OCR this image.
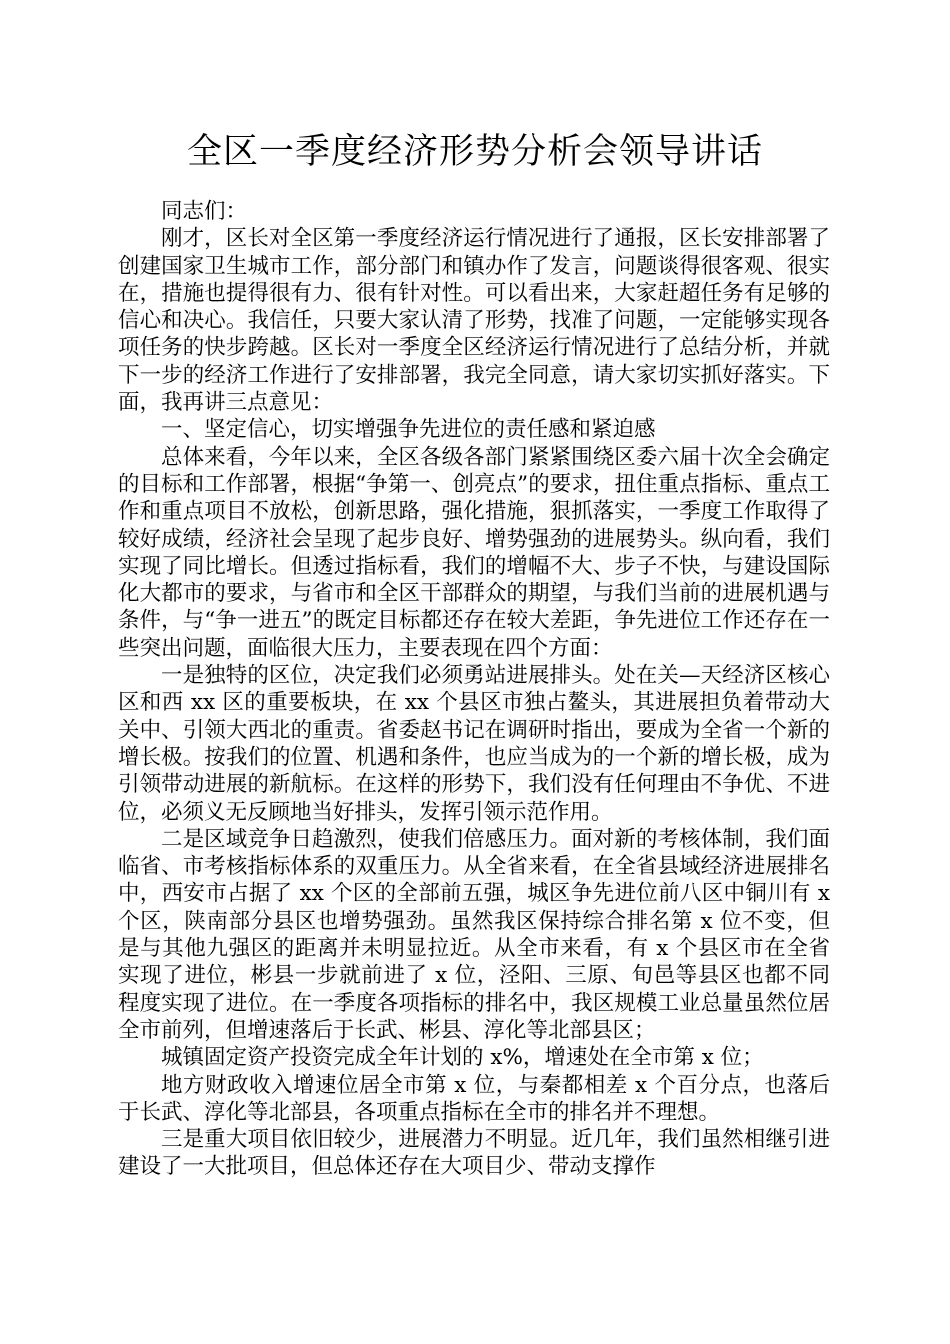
全区一季度经济形势分析会领导讲话

同志们：

刚才，区长对全区第一季度经济运行情况进行了通报，区长安排部署了创建国家卫生城市工作，部分部门和镇办作了发言，问题谈得很客观、很实在，措施也提得很有力、很有针对性。可以看出来，大家赶超任务有足够的信心和决心。我信任，只要大家认清了形势，找准了问题，一定能够实现各项任务的快步跨越。区长对一季度全区经济运行情况进行了总结分析，并就下一步的经济工作进行了安排部署，我完全同意，请大家切实抓好落实。下面，我再讲三点意见：

一、坚定信心，切实增强争先进位的责任感和紧迫感

总体来看，今年以来，全区各级各部门紧紧围绕区委六届十次全会确定的目标和工作部署，根据“争第一、创亮点”的要求，扭住重点指标、重点工作和重点项目不放松，创新思路，强化措施，狠抓落实，一季度工作取得了较好成绩，经济社会呈现了起步良好、增势强劲的进展势头。纵向看，我们实现了同比增长。但透过指标看，我们的增幅不大、步子不快，与建设国际化大都市的要求，与省市和全区干部群众的期望，与我们当前的进展机遇与条件，与“争一进五”的既定目标都还存在较大差距，争先进位工作还存在一些突出问题，面临很大压力，主要表现在四个方面：

一是独特的区位，决定我们必须勇站进展排头。处在关—天经济区核心区和西 xx 区的重要板块，在 xx 个县区市独占鳌头，其进展担负着带动大关中、引领大西北的重责。省委赵书记在调研时指出，要成为全省一个新的增长极。按我们的位置、机遇和条件，也应当成为的一个新的增长极，成为引领带动进展的新航标。在这样的形势下，我们没有任何理由不争优、不进位，必须义无反顾地当好排头，发挥引领示范作用。

二是区域竞争日趋激烈，使我们倍感压力。面对新的考核体制，我们面临省、市考核指标体系的双重压力。从全省来看，在全省县域经济进展排名中，西安市占据了 xx 个区的全部前五强，城区争先进位前八区中铜川有 x 个区，陕南部分县区也增势强劲。虽然我区保持综合排名第 x 位不变，但是与其他九强区的距离并未明显拉近。从全市来看，有 x 个县区市在全省实现了进位，彬县一步就前进了 x 位，泾阳、三原、旬邑等县区也都不同程度实现了进位。在一季度各项指标的排名中，我区规模工业总量虽然位居全市前列，但增速落后于长武、彬县、淳化等北部县区；

城镇固定资产投资完成全年计划的 x%，增速处在全市第 x 位；

地方财政收入增速位居全市第 x 位，与秦都相差 x 个百分点，也落后于长武、淳化等北部县，各项重点指标在全市的排名并不理想。

三是重大项目依旧较少，进展潜力不明显。近几年，我们虽然相继引进建设了一大批项目，但总体还存在大项目少、带动支撑作
